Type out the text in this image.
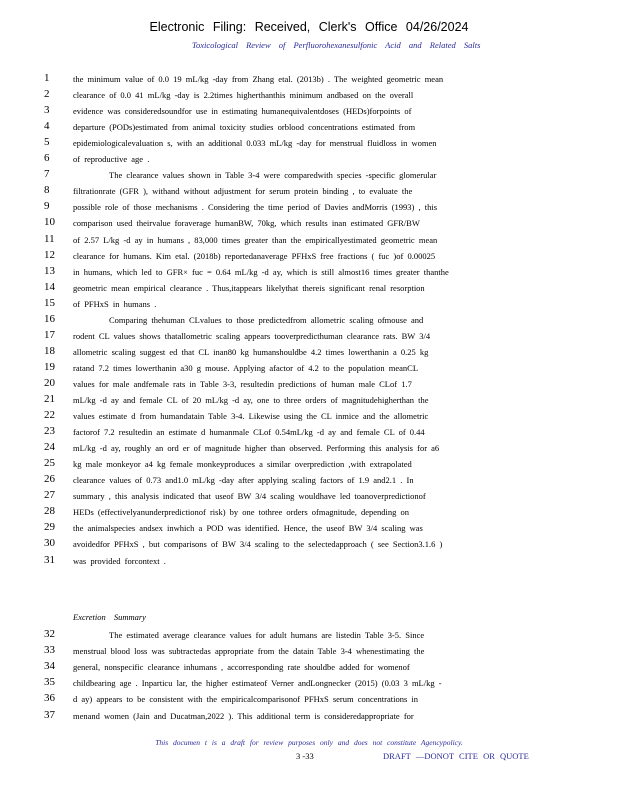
Electronic Filing: Received, Clerk's Office 04/26/2024
Toxicological Review of Perfluorohexanesulfonic Acid and Related Salts
1	the minimum value of 0.0 19 mL/kg -day from Zhang etal. (2013b) . The weighted geometric mean
2	clearance of 0.0 41 mL/kg -day is 2.2times higherthanthis minimum andbased on the overall
3	evidence was consideredsoundfor use in estimating humanequivalentdoses (HEDs)forpoints of
4	departure (PODs)estimated from animal toxicity studies orblood concentrations estimated from
5	epidemiologicalevaluation s, with an additional 0.033 mL/kg -day for menstrual fluidloss in women
6	of reproductive age .
7	The clearance values shown in Table 3-4 were comparedwith species -specific glomerular
8	filtrationrate (GFR ), withand without adjustment for serum protein binding , to evaluate the
9	possible role of those mechanisms . Considering the time period of Davies andMorris (1993) , this
10	comparison used theirvalue foraverage humanBW, 70kg, which results inan estimated GFR/BW
11	of 2.57 L/kg -d ay in humans , 83,000 times greater than the empiricallyestimated geometric mean
12	clearance for humans. Kim etal. (2018b) reportedanaverage PFHxS free fractions ( fuc )of 0.00025
13	in humans, which led to GFR× fuc = 0.64 mL/kg -d ay, which is still almost16 times greater thanthe
14	geometric mean empirical clearance . Thus,itappears likelythat thereis significant renal resorption
15	of PFHxS in humans .
16	Comparing thehuman CLvalues to those predictedfrom allometric scaling ofmouse and
17	rodent CL values shows thatallometric scaling appears tooverpredicthuman clearance rats. BW 3/4
18	allometric scaling suggest ed that CL inan80 kg humanshouldbe 4.2 times lowerthanin a 0.25 kg
19	ratand 7.2 times lowerthanin a30 g mouse. Applying afactor of 4.2 to the population meanCL
20	values for male andfemale rats in Table 3-3, resultedin predictions of human male CLof 1.7
21	mL/kg -d ay and female CL of 20 mL/kg -d ay, one to three orders of magnitudehigherthan the
22	values estimate d from humandatain Table 3-4. Likewise using the CL inmice and the allometric
23	factorof 7.2 resultedin an estimate d humanmale CLof 0.54mL/kg -d ay and female CL of 0.44
24	mL/kg -d ay, roughly an ord er of magnitude higher than observed. Performing this analysis for a6
25	kg male monkeyor a4 kg female monkeyproduces a similar overprediction ,with extrapolated
26	clearance values of 0.73 and1.0 mL/kg -day after applying scaling factors of 1.9 and2.1 . In
27	summary , this analysis indicated that useof BW 3/4 scaling wouldhave led toanoverpredictionof
28	HEDs (effectivelyanunderpredictionof risk) by one tothree orders ofmagnitude, depending on
29	the animalspecies andsex inwhich a POD was identified. Hence, the useof BW 3/4 scaling was
30	avoidedfor PFHxS , but comparisons of BW 3/4 scaling to the selectedapproach ( see Section3.1.6 )
31	was provided forcontext .
32	The estimated average clearance values for adult humans are listedin Table 3-5. Since
33	menstrual blood loss was subtractedas appropriate from the datain Table 3-4 whenestimating the
34	general, nonspecific clearance inhumans , accorresponding rate shouldbe added for womenof
35	childbearing age . Inparticu lar, the higher estimateof Verner andLongnecker (2015) (0.03 3 mL/kg -
36	d ay) appears to be consistent with the empiricalcomparisonof PFHxS serum concentrations in
37	menand women (Jain and Ducatman,2022 ). This additional term is consideredappropriate for
Excretion Summary
This documen t is a draft for review purposes only and does not constitute Agencypolicy.
3 -33	DRAFT —DONOT CITE OR QUOTE
